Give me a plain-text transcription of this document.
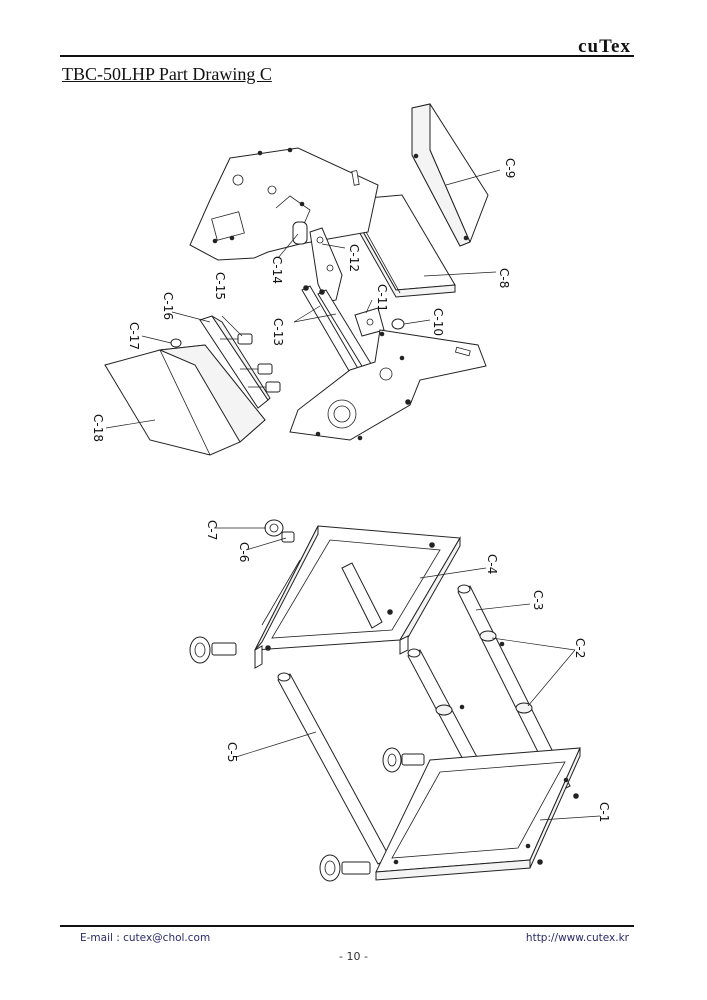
cuTex
TBC-50LHP Part Drawing C
C-9
C-8
C-12
C-14
C-11
C-10
C-13
C-15
C-16
C-17
C-18
C-7
C-6
C-4
C-3
C-2
C-5
C-1
E-mail : cutex@chol.com	http://www.cutex.kr
- 10 -
